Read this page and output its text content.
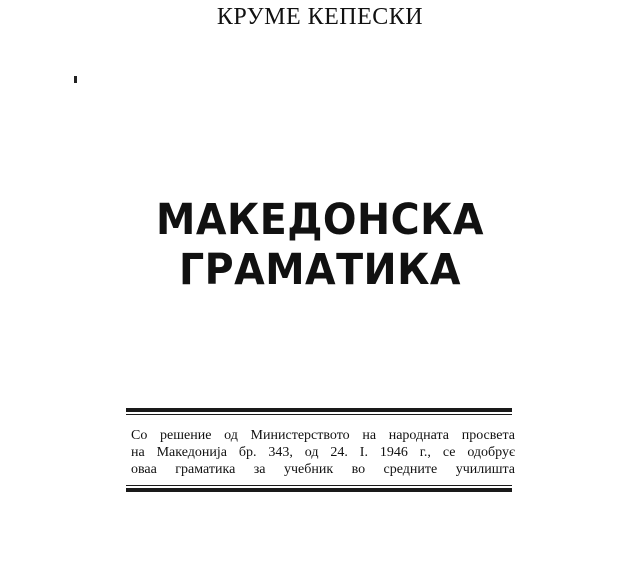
КРУМЕ КЕПЕСКИ
МАКЕДОНСКА ГРАМАТИКА
Со решение од Министерството на народната просвета
на Македонија бр. 343, од 24. I. 1946 г., се одобрує
оваа граматика за учебник во средните училишта
